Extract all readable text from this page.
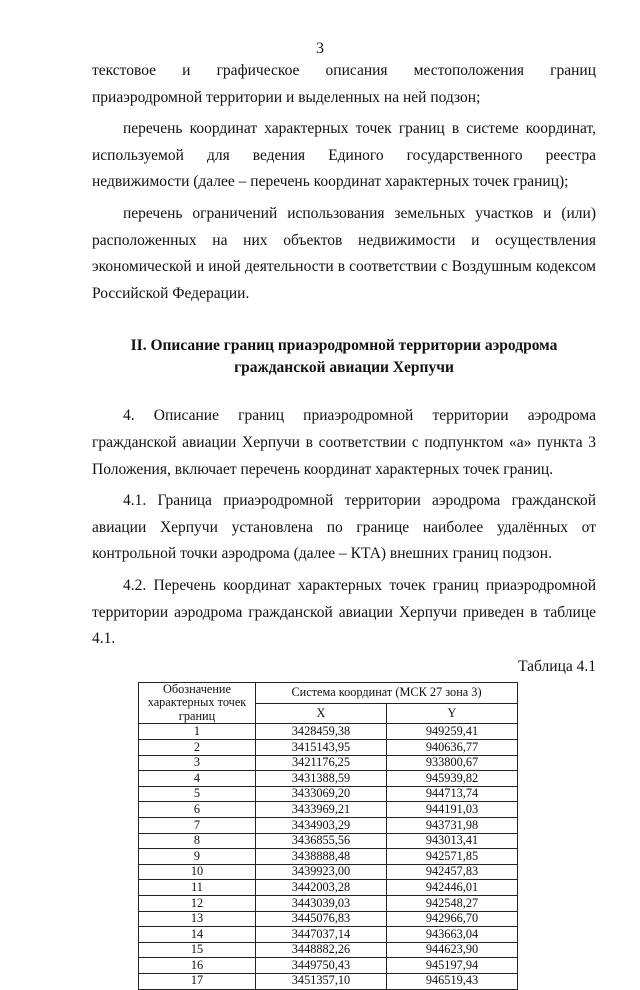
3

текстовое и графическое описания местоположения границ приаэродромной территории и выделенных на ней подзон;

перечень координат характерных точек границ в системе координат, используемой для ведения Единого государственного реестра недвижимости (далее – перечень координат характерных точек границ);

перечень ограничений использования земельных участков и (или) расположенных на них объектов недвижимости и осуществления экономической и иной деятельности в соответствии с Воздушным кодексом Российской Федерации.

II. Описание границ приаэродромной территории аэродрома
гражданской авиации Херпучи

4. Описание границ приаэродромной территории аэродрома гражданской авиации Херпучи в соответствии с подпунктом «а» пункта 3 Положения, включает перечень координат характерных точек границ.

4.1. Граница приаэродромной территории аэродрома гражданской авиации Херпучи установлена по границе наиболее удалённых от контрольной точки аэродрома (далее – КТА) внешних границ подзон.

4.2. Перечень координат характерных точек границ приаэродромной территории аэродрома гражданской авиации Херпучи приведен в таблице 4.1.

Таблица 4.1
Обозначение характерных точек границ	Система координат (МСК 27 зона 3)	
	X	Y
1	3428459,38	949259,41
2	3415143,95	940636,77
3	3421176,25	933800,67
4	3431388,59	945939,82
5	3433069,20	944713,74
6	3433969,21	944191,03
7	3434903,29	943731,98
8	3436855,56	943013,41
9	3438888,48	942571,85
10	3439923,00	942457,83
11	3442003,28	942446,01
12	3443039,03	942548,27
13	3445076,83	942966,70
14	3447037,14	943663,04
15	3448882,26	944623,90
16	3449750,43	945197,94
17	3451357,10	946519,43
